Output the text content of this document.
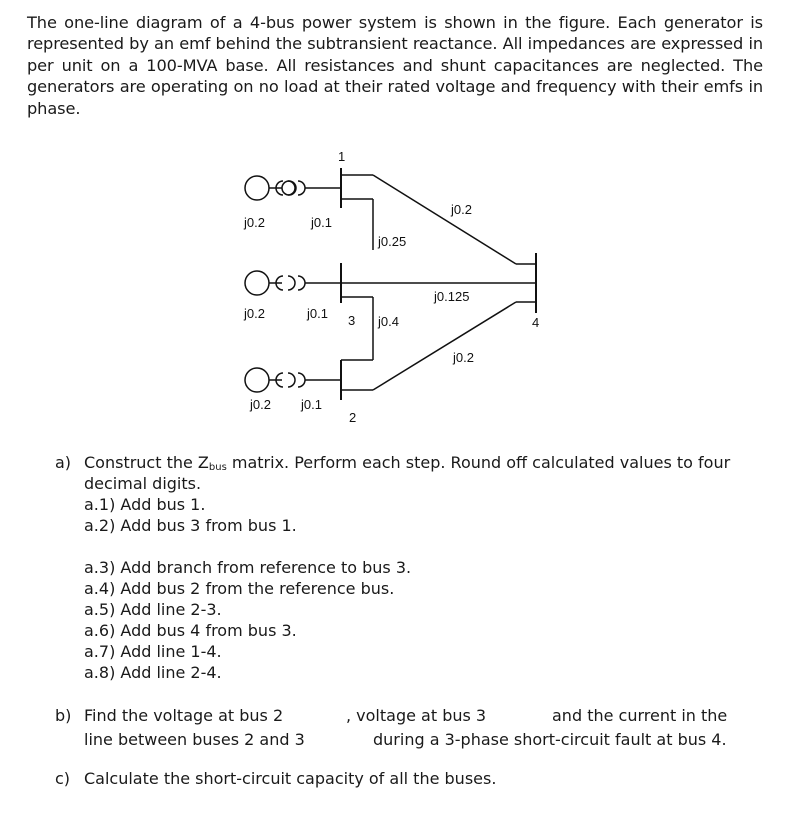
The one-line diagram of a 4-bus power system is shown in the figure. Each generator is represented by an emf behind the subtransient reactance. All impedances are expressed in per unit on a 100-MVA base. All resistances and shunt capacitances are neglected. The generators are operating on no load at their rated voltage and frequency with their emfs in phase.

1
3
2
4
j0.2	j0.1
j0.2	j0.1
j0.2 j0.1
j0.25
j0.2
j0.125
j0.4
j0.2

a) Construct the $Z_{bus}$ matrix. Perform each step. Round off calculated values to four

decimal digits.

a.1) Add bus 1.

a.2) Add bus 3 from bus 1.

a.3) Add branch from reference to bus 3.

a.4) Add bus 2 from the reference bus.

a.5) Add line 2-3.

a.6) Add bus 4 from bus 3.

a.7) Add line 1-4.

a.8) Add line 2-4.

b) Find the voltage at bus 2	, voltage at bus 3	and the current in the

line between buses 2 and 3	during a 3-phase short-circuit fault at bus 4.

c) Calculate the short-circuit capacity of all the buses.
